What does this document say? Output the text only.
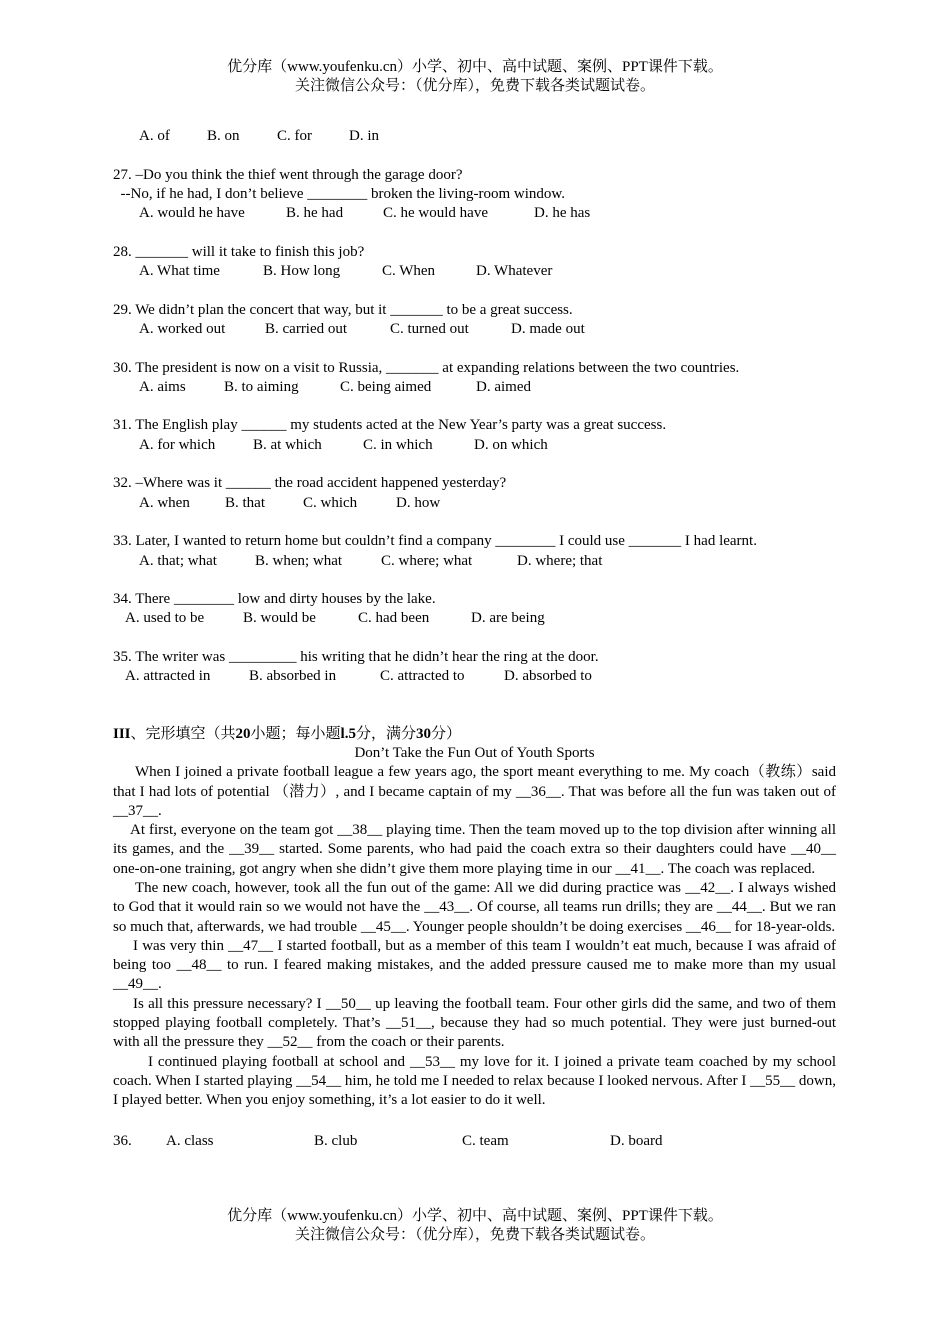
优分库（www.youfenku.cn）小学、初中、高中试题、案例、PPT课件下载。
关注微信公众号：（优分库），免费下载各类试题试卷。
A. of	B. on	C. for	D. in
27. –Do you think the thief went through the garage door?
--No, if he had, I don’t believe ________ broken the living-room window.
A. would he have	B. he had	C. he would have	D. he has
28. _______ will it take to finish this job?
A. What time	B. How long	C. When	D. Whatever
29. We didn’t plan the concert that way, but it _______ to be a great success.
A. worked out	B. carried out	C. turned out	D. made out
30. The president is now on a visit to Russia, _______ at expanding relations between the two countries.
A. aims	B. to aiming	C. being aimed	D. aimed
31. The English play ______ my students acted at the New Year’s party was a great success.
A. for which	B. at which	C. in which	D. on which
32. –Where was it ______ the road accident happened yesterday?
A. when	B. that	C. which	D. how
33. Later, I wanted to return home but couldn’t find a company ________ I could use _______ I had learnt.
A. that; what	B. when; what	C. where; what	D. where; that
34. There ________ low and dirty houses by the lake.
A. used to be	B. would be	C. had been	D. are being
35. The writer was _________ his writing that he didn’t hear the ring at the door.
A. attracted in	B. absorbed in	C. attracted to	D. absorbed to
III、完形填空（共20小题；每小题l.5分，满分30分）
Don’t Take the Fun Out of Youth Sports
When I joined a private football league a few years ago, the sport meant everything to me. My coach（教练）said that I had lots of potential （潜力）, and I became captain of my __36__. That was before all the fun was taken out of __37__.
At first, everyone on the team got __38__ playing time. Then the team moved up to the top division after winning all its games, and the __39__ started. Some parents, who had paid the coach extra so their daughters could have __40__ one-on-one training, got angry when she didn’t give them more playing time in our __41__. The coach was replaced.
The new coach, however, took all the fun out of the game: All we did during practice was __42__. I always wished to God that it would rain so we would not have the __43__. Of course, all teams run drills; they are __44__. But we ran so much that, afterwards, we had trouble __45__. Younger people shouldn’t be doing exercises __46__ for 18-year-olds.
I was very thin __47__ I started football, but as a member of this team I wouldn’t eat much, because I was afraid of being too __48__ to run. I feared making mistakes, and the added pressure caused me to make more than my usual __49__.
Is all this pressure necessary? I __50__ up leaving the football team. Four other girls did the same, and two of them stopped playing football completely. That’s __51__, because they had so much potential. They were just burned-out with all the pressure they __52__ from the coach or their parents.
I continued playing football at school and __53__ my love for it. I joined a private team coached by my school coach. When I started playing __54__ him, he told me I needed to relax because I looked nervous. After I __55__ down, I played better. When you enjoy something, it’s a lot easier to do it well.
36.	A. class	B. club	C. team	D. board
优分库（www.youfenku.cn）小学、初中、高中试题、案例、PPT课件下载。
关注微信公众号：（优分库），免费下载各类试题试卷。
